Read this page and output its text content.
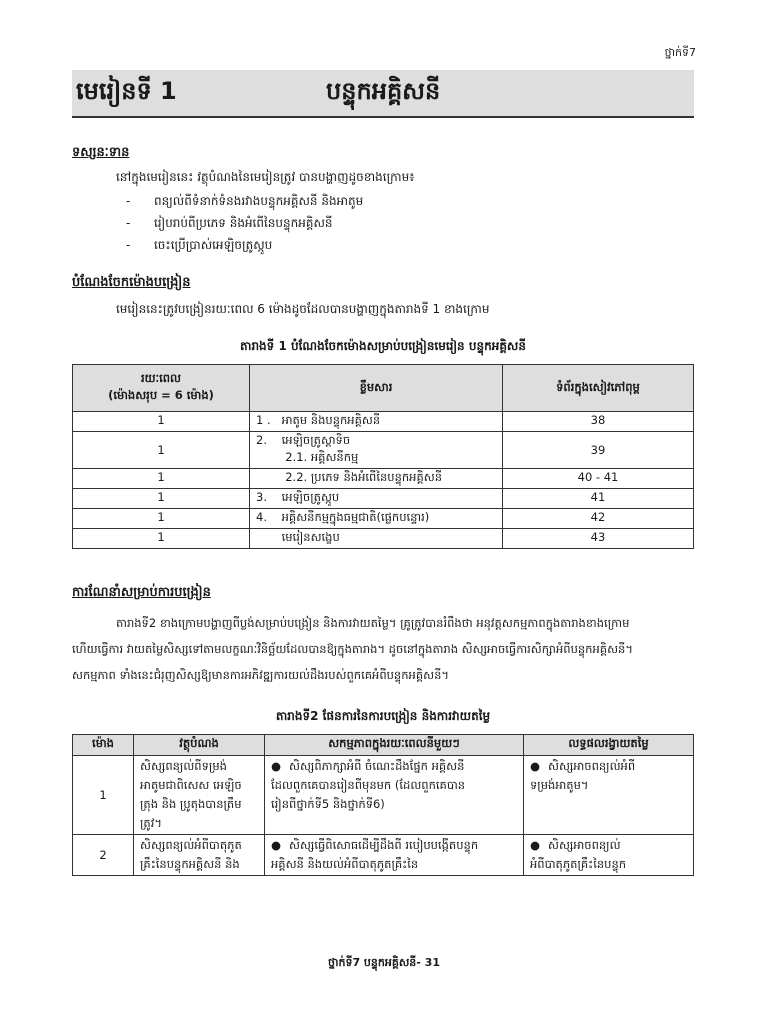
ថ្នាក់ទី7
មេរៀនទី 1	បន្ទុកអគ្គិសនី
ទស្សនៈទាន
នៅក្នុងមេរៀននេះ វត្ថុបំណងនៃមេរៀនត្រូវ បានបង្ហាញដូចខាងក្រោម៖
- ពន្យល់ពីទំនាក់ទំនងរវាងបន្ទុកអគ្គិសនី និងអាតូម
- រៀបរាប់ពីប្រភេទ និងអំពើនៃបន្ទុកអគ្គិសនី
- ចេះប្រើប្រាស់អេឡិចត្រូស្កូប
បំណែងចែកម៉ោងបង្រៀន
មេរៀននេះត្រូវបង្រៀនរយៈពេល 6 ម៉ោងដូចដែលបានបង្ហាញក្នុងតារាងទី 1 ខាងក្រោម
តារាងទី 1 បំណែងចែកម៉ោងសម្រាប់បង្រៀនមេរៀន បន្ទុកអគ្គិសនី
រយៈពេល
(ម៉ោងសរុប = 6 ម៉ោង)	ខ្លឹមសារ	ទំព័រក្នុងសៀវភៅពុម្ព
1	1 .   អាតូម និងបន្ទុកអគ្គិសនី	38
1	2.    អេឡិចត្រូស្តាទិច
2.1. អគ្គិសនីកម្ម	39
1	2.2. ប្រភេទ និងអំពើនៃបន្ទុកអគ្គិសនី	40 - 41
1	3.    អេឡិចត្រូស្កូប	41
1	4.    អគ្គិសនីកម្មក្នុងធម្មជាតិ(ផ្លេកបន្ទោរ)	42
1	មេរៀនសង្ខេប	43
ការណែនាំសម្រាប់ការបង្រៀន
តារាងទី2 ខាងក្រោមបង្ហាញពីប្លង់សម្រាប់បង្រៀន និងការវាយតម្លៃ។ គ្រូត្រូវបានរំពឹងថា អនុវត្តសកម្មភាពក្នុងតារាងខាងក្រោម
ហើយធ្វើការ វាយតម្លៃសិស្សទៅតាមលក្ខណៈវិនិច្ឆ័យដែលបានឱ្យក្នុងតារាង។ ដូចនៅក្នុងតារាង សិស្សអាចធ្វើការសិក្សាអំពីបន្ទុកអគ្គិសនី។
សកម្មភាព ទាំងនេះជំរុញសិស្សឱ្យមានការអភិវឌ្ឍការយល់ដឹងរបស់ពួកគេអំពីបន្ទុកអគ្គិសនី។
តារាងទី2 ផែនការនៃការបង្រៀន និងការវាយតម្លៃ
ម៉ោង	វត្ថុបំណង	សកម្មភាពក្នុងរយៈពេលនីមួយៗ	លទ្ធផលរង្វាយតម្លៃ
1	សិស្សពន្យល់ពីទម្រង់
អាតូមជាពិសេស អេឡិច
ត្រុង និង ប្រូតុងបានត្រឹម
ត្រូវ។	● សិស្សពិភាក្សាអំពី ចំណេះដឹងផ្នែក អគ្គិសនី
ដែលពួកគេបានរៀនពីមុនមក (ដែលពួកគេបាន
រៀនពីថ្នាក់ទី5 និងថ្នាក់ទី6)	● សិស្សអាចពន្យល់អំពី
ទម្រង់អាតូម។
2	សិស្សពន្យល់អំពីបាតុភូត
គ្រឹះនៃបន្ទុកអគ្គិសនី និង	● សិស្សធ្វើពិសោធដើម្បីដឹងពី របៀបបង្កើតបន្ទុក
អគ្គិសនី និងយល់អំពីបាតុភូតគ្រឹះនៃ	● សិស្សអាចពន្យល់
អំពីបាតុភូតគ្រឹះនៃបន្ទុក
ថ្នាក់ទី7 បន្ទុកអគ្គិសនី- 31
